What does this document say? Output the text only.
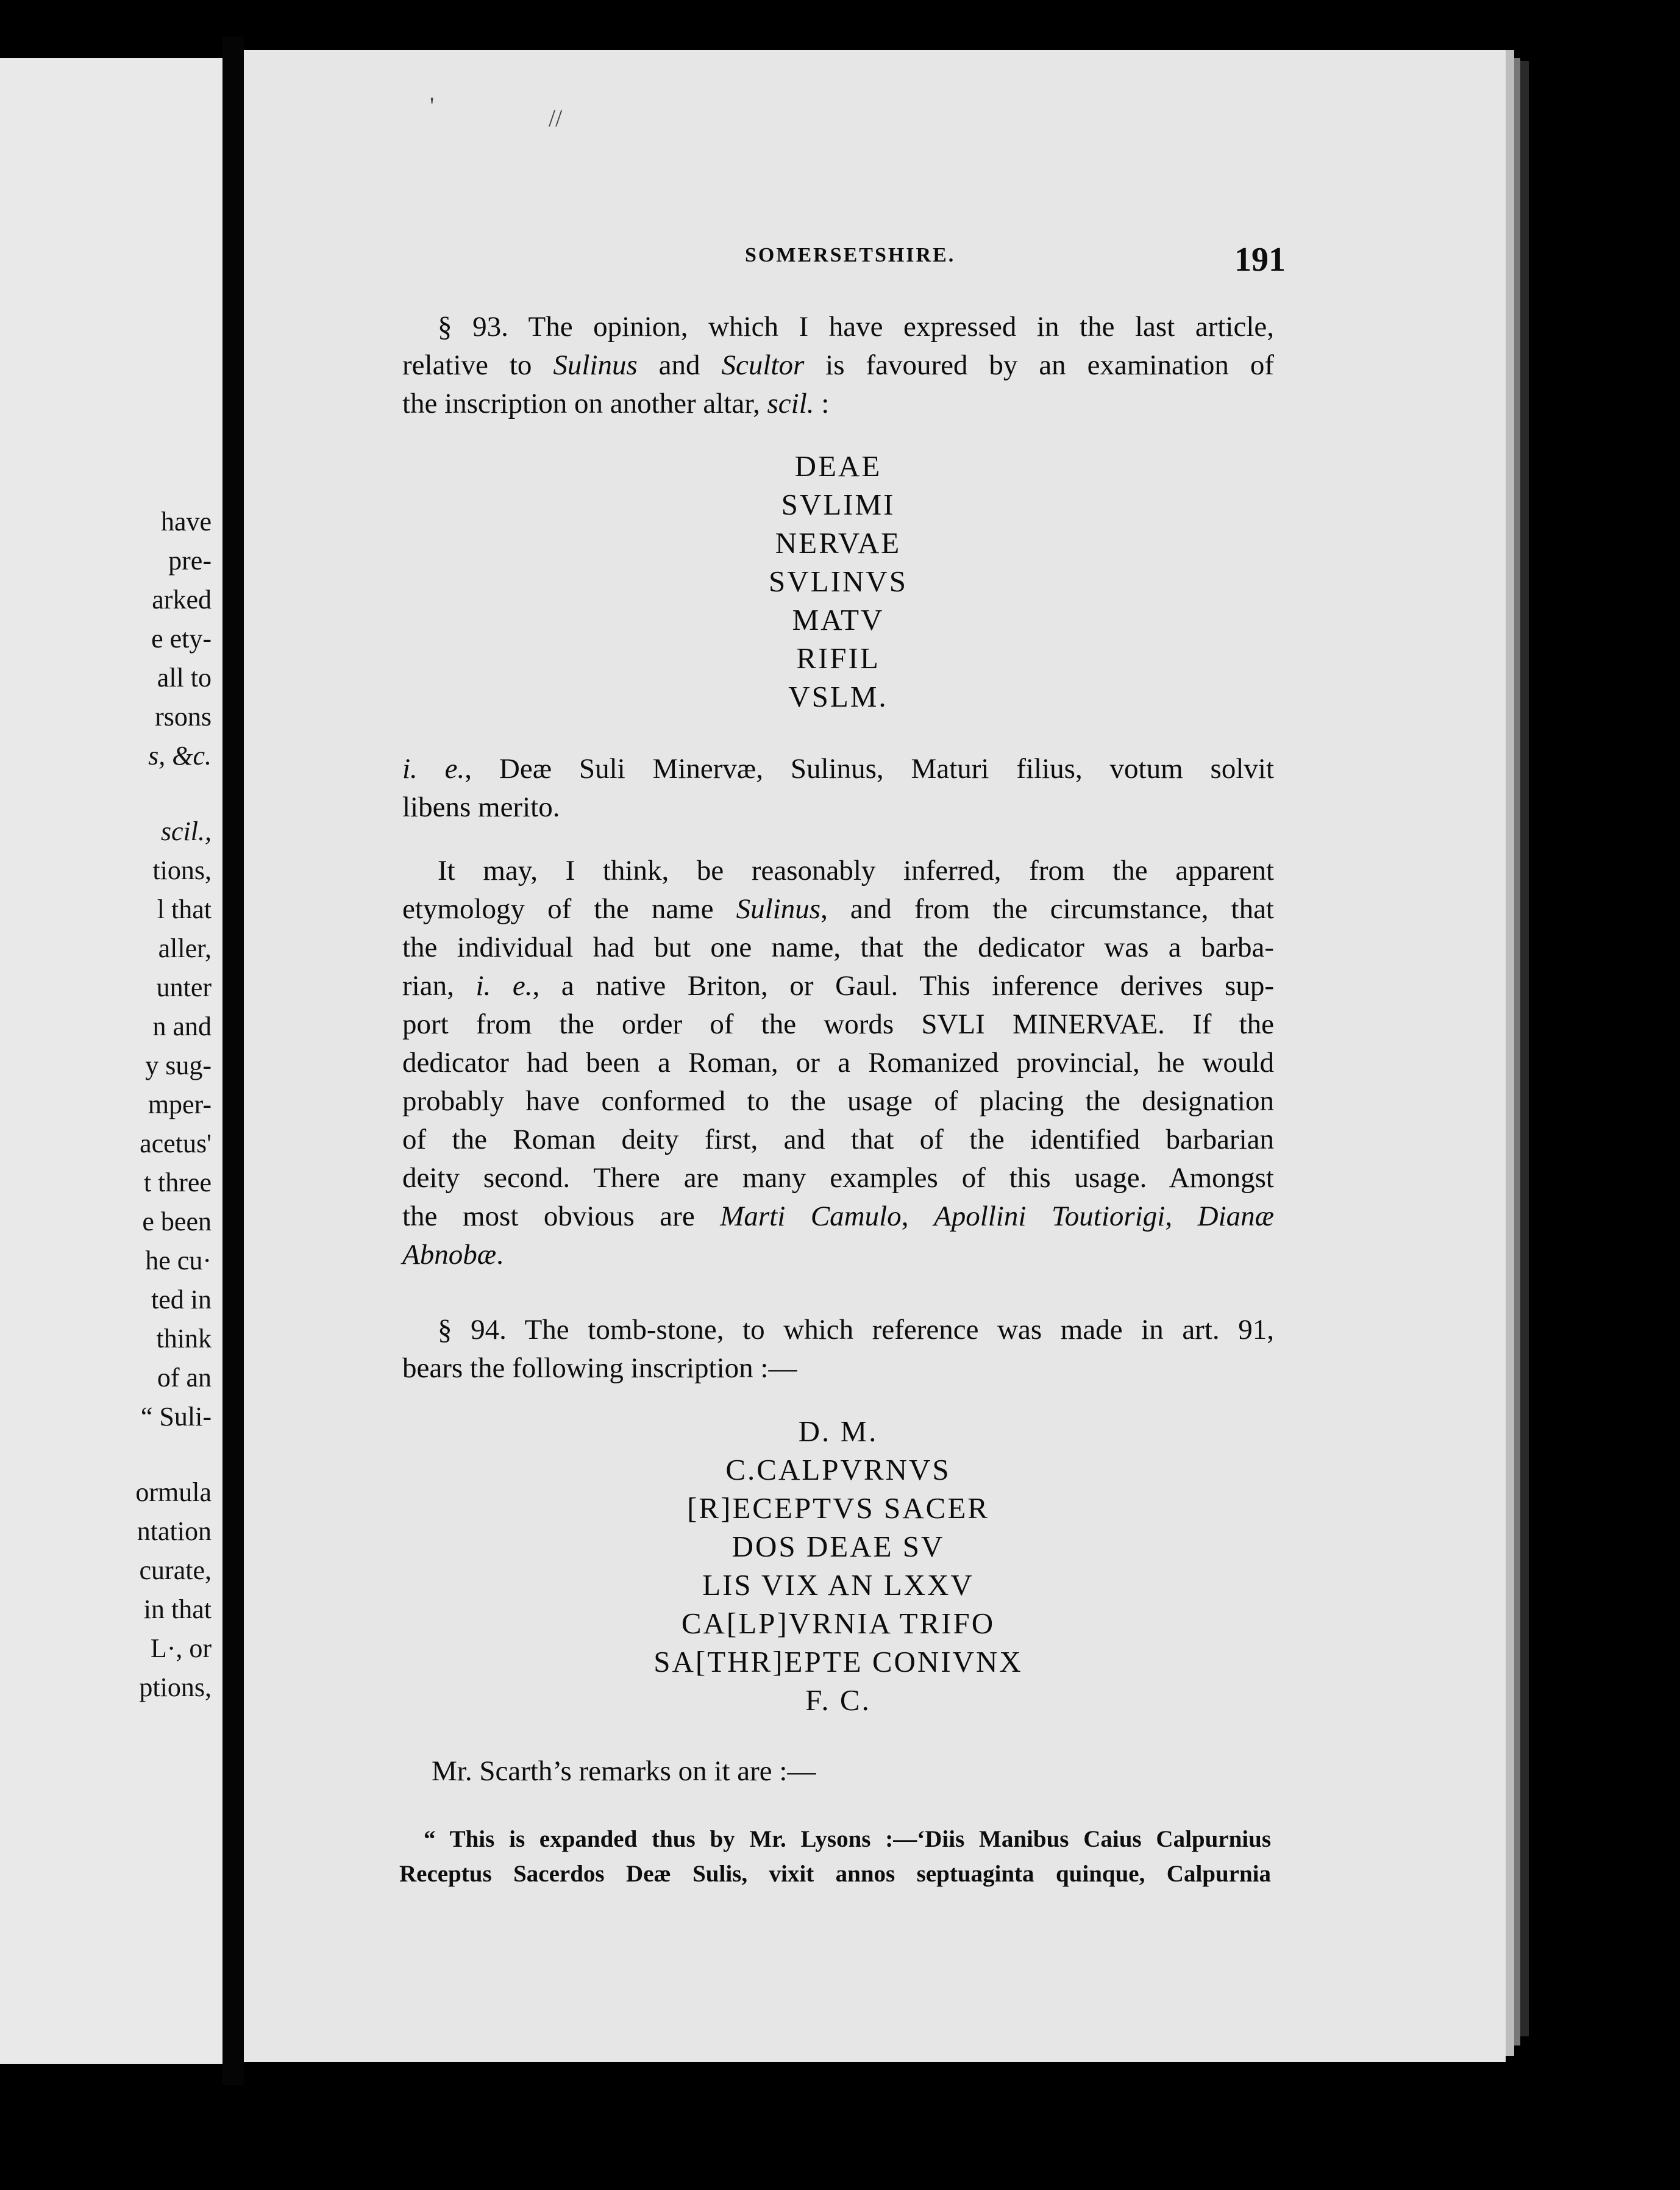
have
pre-
arked
e ety-
all to
rsons
s, &c.
scil.,
tions,
l that
aller,
unter
n and
y sug-
mper-
acetus'
t three
e been
he cu·
ted in
think
of an
“ Suli-
ormula
ntation
curate,
in that
L·, or
ptions,
'	//
SOMERSETSHIRE.	191
§ 93. The opinion, which I have expressed in the last article,
relative to Sulinus and Scultor is favoured by an examination of
the inscription on another altar, scil. :
DEAE
SVLIMI
NERVAE
SVLINVS
MATV
RIFIL
VSLM.
i. e., Deæ Suli Minervæ, Sulinus, Maturi filius, votum solvit
libens merito.
It may, I think, be reasonably inferred, from the apparent
etymology of the name Sulinus, and from the circumstance, that
the individual had but one name, that the dedicator was a barba-
rian, i. e., a native Briton, or Gaul. This inference derives sup-
port from the order of the words SVLI MINERVAE. If the
dedicator had been a Roman, or a Romanized provincial, he would
probably have conformed to the usage of placing the designation
of the Roman deity first, and that of the identified barbarian
deity second. There are many examples of this usage. Amongst
the most obvious are Marti Camulo, Apollini Toutiorigi, Dianæ
Abnobæ.
§ 94. The tomb-stone, to which reference was made in art. 91,
bears the following inscription :—
D. M.
C.CALPVRNVS
[R]ECEPTVS SACER
DOS DEAE SV
LIS VIX AN LXXV
CA[LP]VRNIA TRIFO
SA[THR]EPTE CONIVNX
F. C.
Mr. Scarth’s remarks on it are :—
“ This is expanded thus by Mr. Lysons :—‘Diis Manibus Caius Calpurnius
Receptus Sacerdos Deæ Sulis, vixit annos septuaginta quinque, Calpurnia
